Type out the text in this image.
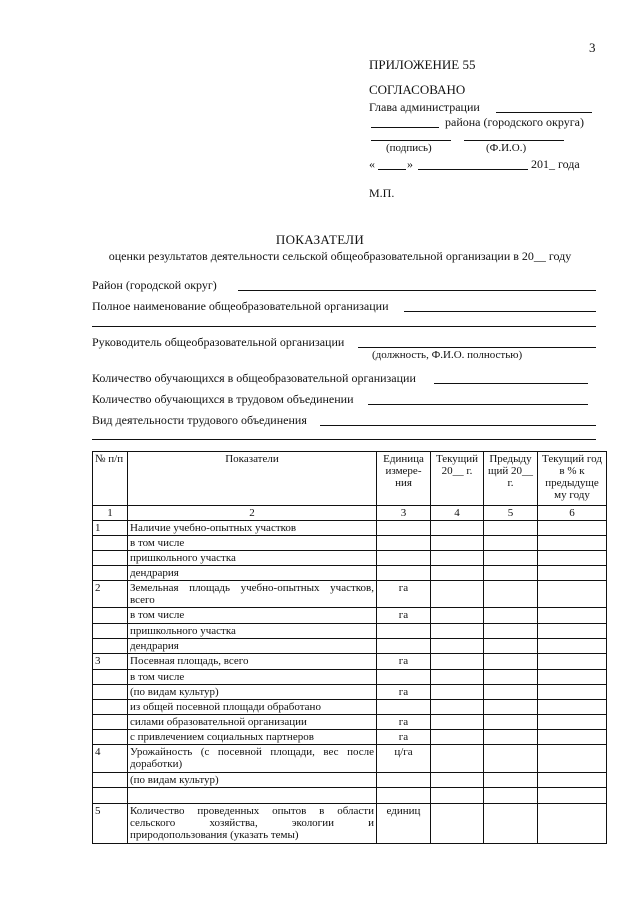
3
ПРИЛОЖЕНИЕ 55
СОГЛАСОВАНО
Глава администрации
района (городского округа)
(подпись)	(Ф.И.О.)
«	»	201_ года
М.П.
ПОКАЗАТЕЛИ
оценки результатов деятельности сельской общеобразовательной организации в 20__ году
Район (городской округ)
Полное наименование общеобразовательной организации
Руководитель общеобразовательной организации
(должность, Ф.И.О. полностью)
Количество обучающихся в общеобразовательной организации
Количество обучающихся в трудовом объединении
Вид деятельности трудового объединения
№ п/п	Показатели	Единица измере- ния	Текущий 20__ г.	Предыду щий 20__ г.	Текущий год в % к предыдуще му году
1	2	3	4	5	6
1	Наличие учебно-опытных участков				
	в том числе				
	пришкольного участка				
	дендрария				
2	Земельная площадь учебно-опытных участков, всего	га			
	в том числе	га			
	пришкольного участка				
	дендрария				
3	Посевная площадь, всего	га			
	в том числе				
	(по видам культур)	га			
	из общей посевной площади обработано				
	силами образовательной организации	га			
	с привлечением социальных партнеров	га			
4	Урожайность (с посевной площади, вес после доработки)	ц/га			
	(по видам культур)				

5	Количество проведенных опытов в области сельского хозяйства, экологии и природопользования (указать темы)	единиц			
